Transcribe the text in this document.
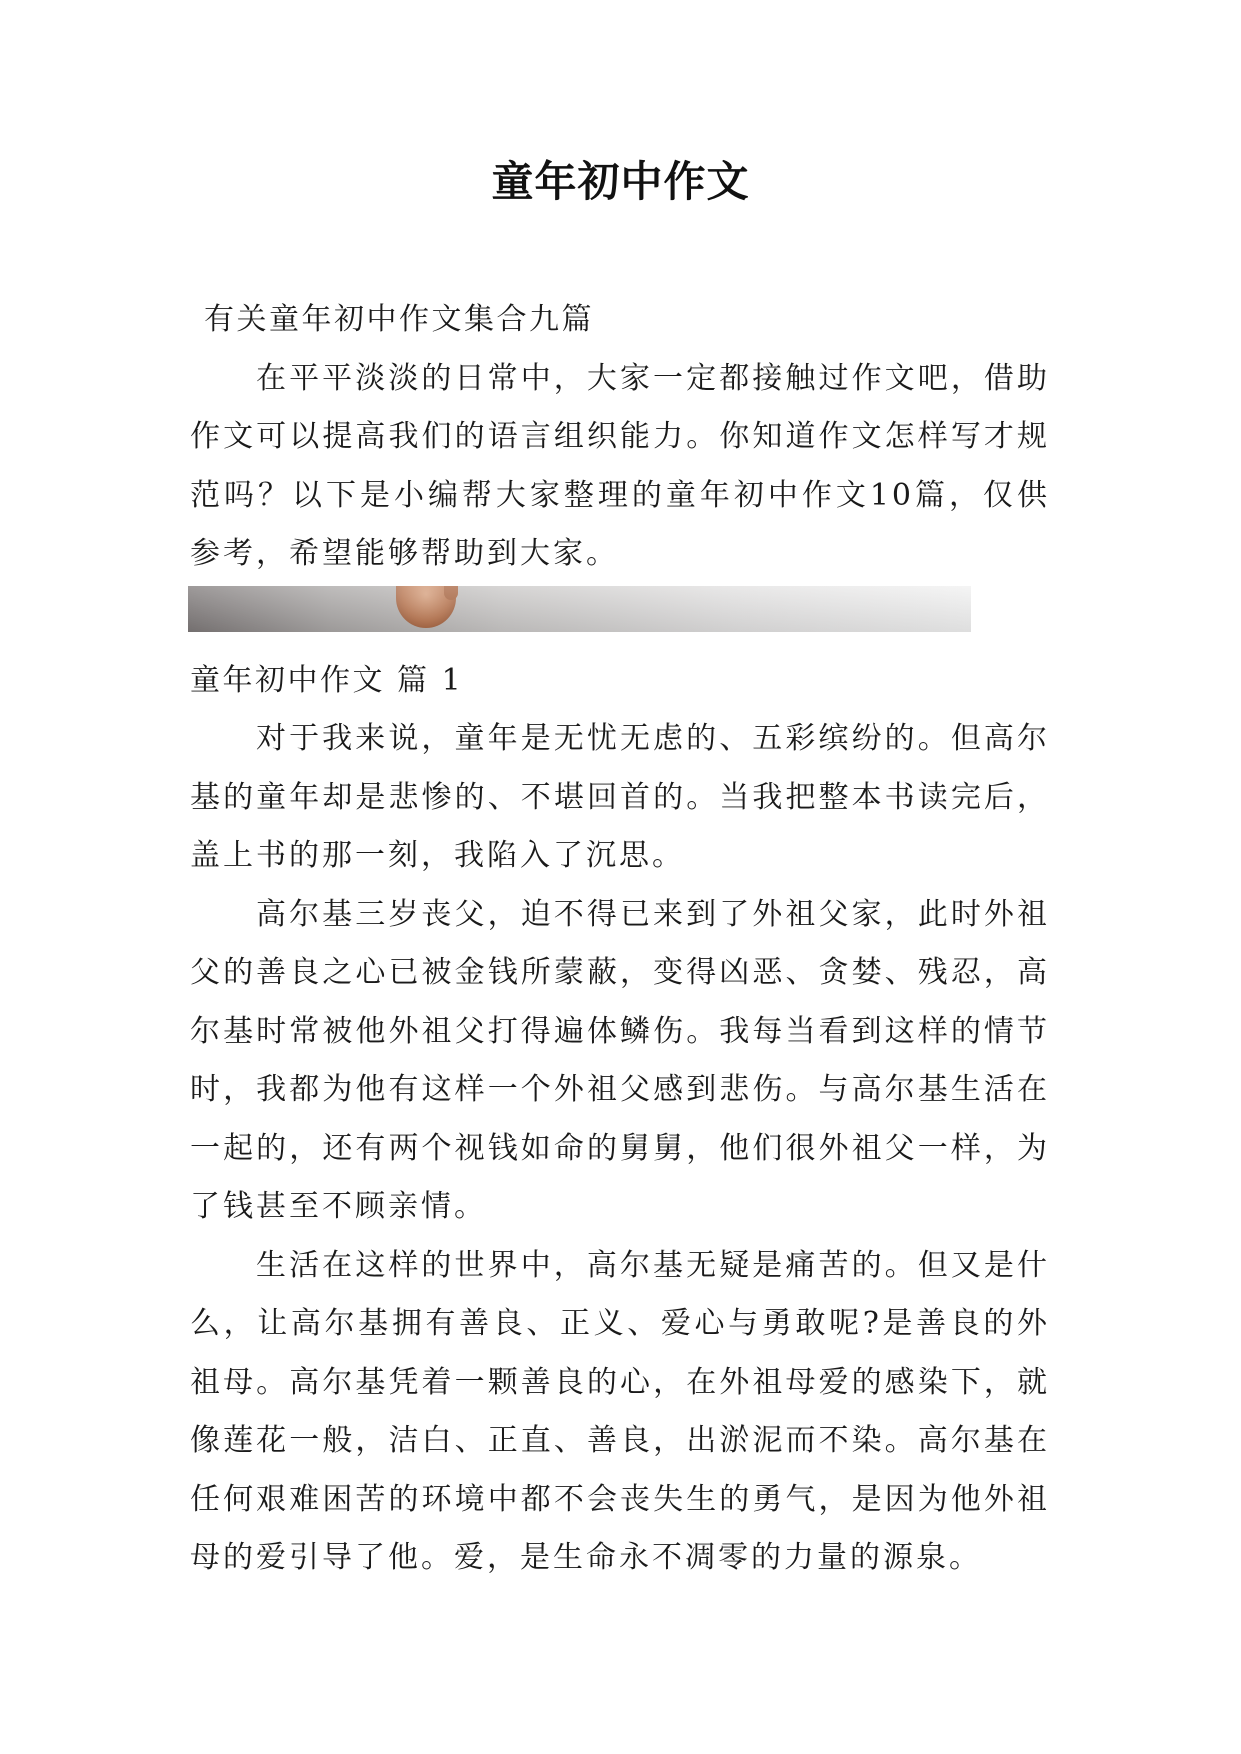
童年初中作文

有关童年初中作文集合九篇

在平平淡淡的日常中，大家一定都接触过作文吧，借助作文可以提高我们的语言组织能力。你知道作文怎样写才规范吗？以下是小编帮大家整理的童年初中作文10篇，仅供参考，希望能够帮助到大家。

童年初中作文 篇 1

对于我来说，童年是无忧无虑的、五彩缤纷的。但高尔基的童年却是悲惨的、不堪回首的。当我把整本书读完后，盖上书的那一刻，我陷入了沉思。

高尔基三岁丧父，迫不得已来到了外祖父家，此时外祖父的善良之心已被金钱所蒙蔽，变得凶恶、贪婪、残忍，高尔基时常被他外祖父打得遍体鳞伤。我每当看到这样的情节时，我都为他有这样一个外祖父感到悲伤。与高尔基生活在一起的，还有两个视钱如命的舅舅，他们很外祖父一样，为了钱甚至不顾亲情。

生活在这样的世界中，高尔基无疑是痛苦的。但又是什么，让高尔基拥有善良、正义、爱心与勇敢呢?是善良的外祖母。高尔基凭着一颗善良的心，在外祖母爱的感染下，就像莲花一般，洁白、正直、善良，出淤泥而不染。高尔基在任何艰难困苦的环境中都不会丧失生的勇气，是因为他外祖母的爱引导了他。爱，是生命永不凋零的力量的源泉。
